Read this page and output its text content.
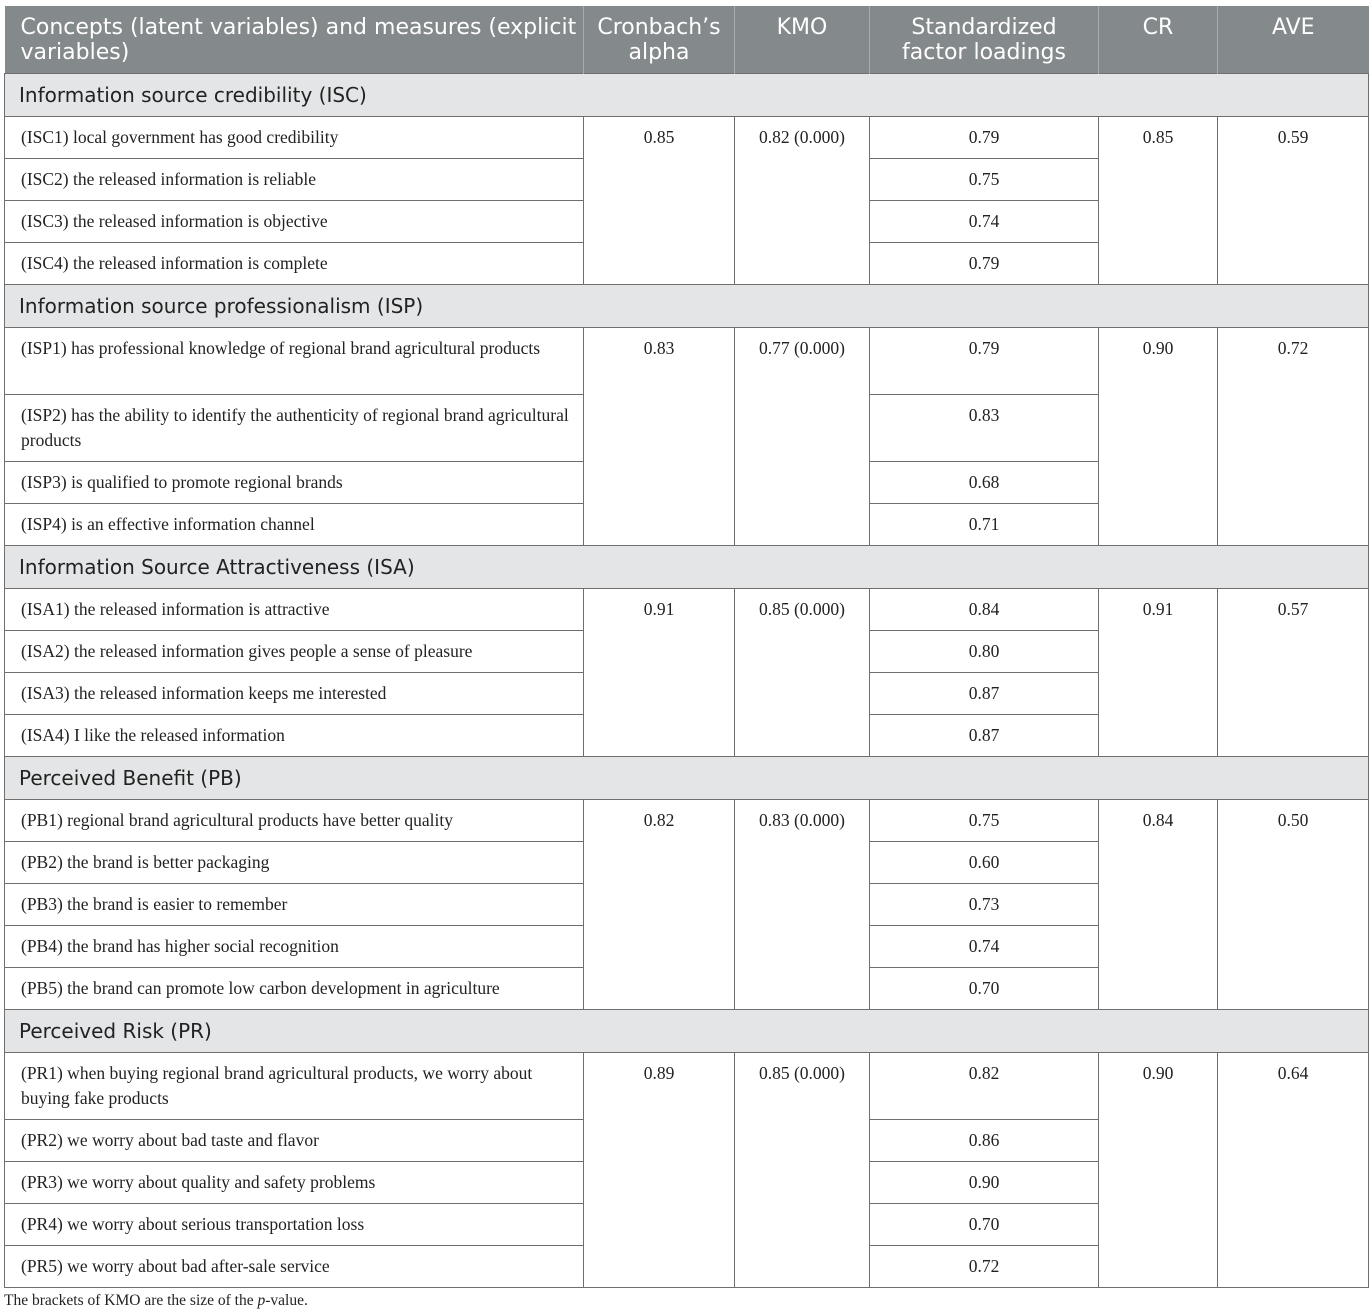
Concepts (latent variables) and measures (explicit variables)	Cronbach’s alpha	KMO	Standardized factor loadings	CR	AVE
Information source credibility (ISC)					
(ISC1) local government has good credibility	0.85	0.82 (0.000)	0.79	0.85	0.59
(ISC2) the released information is reliable			0.75		
(ISC3) the released information is objective			0.74		
(ISC4) the released information is complete			0.79		
Information source professionalism (ISP)					
(ISP1) has professional knowledge of regional brand agricultural products	0.83	0.77 (0.000)	0.79	0.90	0.72
(ISP2) has the ability to identify the authenticity of regional brand agricultural products			0.83		
(ISP3) is qualified to promote regional brands			0.68		
(ISP4) is an effective information channel			0.71		
Information Source Attractiveness (ISA)					
(ISA1) the released information is attractive	0.91	0.85 (0.000)	0.84	0.91	0.57
(ISA2) the released information gives people a sense of pleasure			0.80		
(ISA3) the released information keeps me interested			0.87		
(ISA4) I like the released information			0.87		
Perceived Benefit (PB)					
(PB1) regional brand agricultural products have better quality	0.82	0.83 (0.000)	0.75	0.84	0.50
(PB2) the brand is better packaging			0.60		
(PB3) the brand is easier to remember			0.73		
(PB4) the brand has higher social recognition			0.74		
(PB5) the brand can promote low carbon development in agriculture			0.70		
Perceived Risk (PR)					
(PR1) when buying regional brand agricultural products, we worry about buying fake products	0.89	0.85 (0.000)	0.82	0.90	0.64
(PR2) we worry about bad taste and flavor			0.86		
(PR3) we worry about quality and safety problems			0.90		
(PR4) we worry about serious transportation loss			0.70		
(PR5) we worry about bad after-sale service			0.72		
The brackets of KMO are the size of the p-value.
